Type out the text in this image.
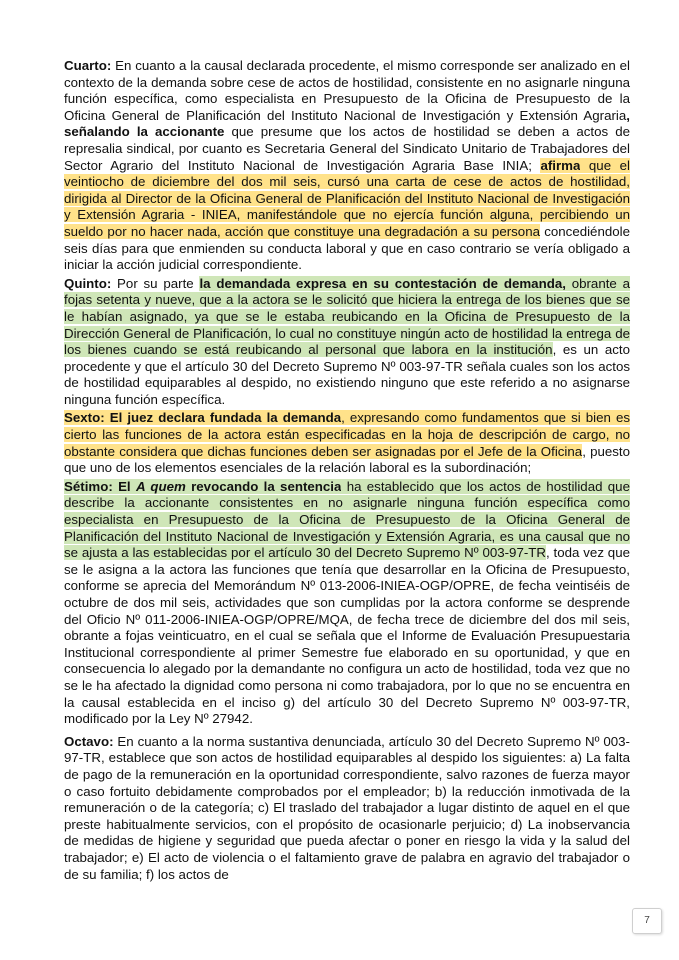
Cuarto: En cuanto a la causal declarada procedente, el mismo corresponde ser analizado en el contexto de la demanda sobre cese de actos de hostilidad, consistente en no asignarle ninguna función específica, como especialista en Presupuesto de la Oficina de Presupuesto de la Oficina General de Planificación del Instituto Nacional de Investigación y Extensión Agraria, señalando la accionante que presume que los actos de hostilidad se deben a actos de represalia sindical, por cuanto es Secretaria General del Sindicato Unitario de Trabajadores del Sector Agrario del Instituto Nacional de Investigación Agraria Base INIA; afirma que el veintiocho de diciembre del dos mil seis, cursó una carta de cese de actos de hostilidad, dirigida al Director de la Oficina General de Planificación del Instituto Nacional de Investigación y Extensión Agraria - INIEA, manifestándole que no ejercía función alguna, percibiendo un sueldo por no hacer nada, acción que constituye una degradación a su persona concediéndole seis días para que enmienden su conducta laboral y que en caso contrario se vería obligado a iniciar la acción judicial correspondiente.

Quinto: Por su parte la demandada expresa en su contestación de demanda, obrante a fojas setenta y nueve, que a la actora se le solicitó que hiciera la entrega de los bienes que se le habían asignado, ya que se le estaba reubicando en la Oficina de Presupuesto de la Dirección General de Planificación, lo cual no constituye ningún acto de hostilidad la entrega de los bienes cuando se está reubicando al personal que labora en la institución, es un acto procedente y que el artículo 30 del Decreto Supremo Nº 003-97-TR señala cuales son los actos de hostilidad equiparables al despido, no existiendo ninguno que este referido a no asignarse ninguna función específica.

Sexto: El juez declara fundada la demanda, expresando como fundamentos que si bien es cierto las funciones de la actora están especificadas en la hoja de descripción de cargo, no obstante considera que dichas funciones deben ser asignadas por el Jefe de la Oficina, puesto que uno de los elementos esenciales de la relación laboral es la subordinación;

Sétimo: El A quem revocando la sentencia ha establecido que los actos de hostilidad que describe la accionante consistentes en no asignarle ninguna función específica como especialista en Presupuesto de la Oficina de Presupuesto de la Oficina General de Planificación del Instituto Nacional de Investigación y Extensión Agraria, es una causal que no se ajusta a las establecidas por el artículo 30 del Decreto Supremo Nº 003-97-TR, toda vez que se le asigna a la actora las funciones que tenía que desarrollar en la Oficina de Presupuesto, conforme se aprecia del Memorándum Nº 013-2006-INIEA-OGP/OPRE, de fecha veintiséis de octubre de dos mil seis, actividades que son cumplidas por la actora conforme se desprende del Oficio Nº 011-2006-INIEA-OGP/OPRE/MQA, de fecha trece de diciembre del dos mil seis, obrante a fojas veinticuatro, en el cual se señala que el Informe de Evaluación Presupuestaria Institucional correspondiente al primer Semestre fue elaborado en su oportunidad, y que en consecuencia lo alegado por la demandante no configura un acto de hostilidad, toda vez que no se le ha afectado la dignidad como persona ni como trabajadora, por lo que no se encuentra en la causal establecida en el inciso g) del artículo 30 del Decreto Supremo Nº 003-97-TR, modificado por la Ley Nº 27942.

Octavo: En cuanto a la norma sustantiva denunciada, artículo 30 del Decreto Supremo Nº 003-97-TR, establece que son actos de hostilidad equiparables al despido los siguientes: a) La falta de pago de la remuneración en la oportunidad correspondiente, salvo razones de fuerza mayor o caso fortuito debidamente comprobados por el empleador; b) la reducción inmotivada de la remuneración o de la categoría; c) El traslado del trabajador a lugar distinto de aquel en el que preste habitualmente servicios, con el propósito de ocasionarle perjuicio; d) La inobservancia de medidas de higiene y seguridad que pueda afectar o poner en riesgo la vida y la salud del trabajador; e) El acto de violencia o el faltamiento grave de palabra en agravio del trabajador o de su familia; f) los actos de

7
